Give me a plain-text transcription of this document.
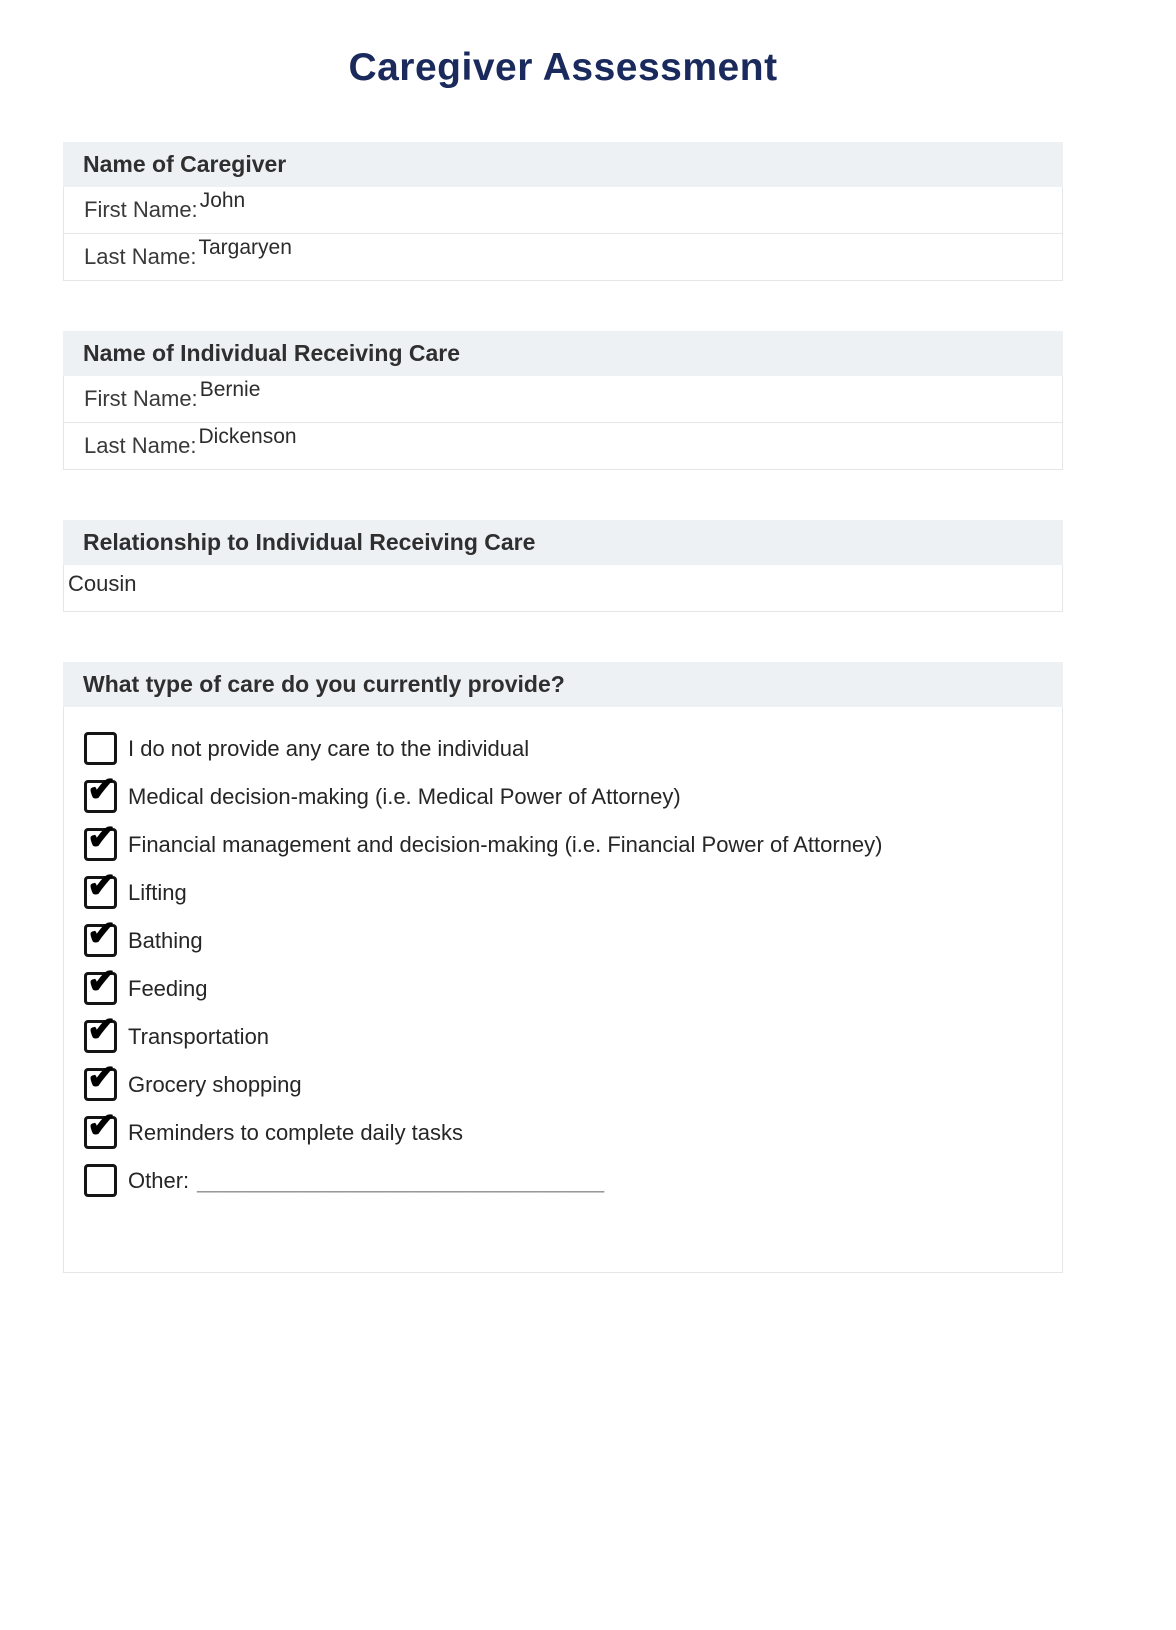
Caregiver Assessment
Name of Caregiver
First Name: John
Last Name: Targaryen
Name of Individual Receiving Care
First Name: Bernie
Last Name: Dickenson
Relationship to Individual Receiving Care
Cousin
What type of care do you currently provide?
I do not provide any care to the individual
✔ Medical decision-making (i.e. Medical Power of Attorney)
✔ Financial management and decision-making (i.e. Financial Power of Attorney)
✔ Lifting
✔ Bathing
✔ Feeding
✔ Transportation
✔ Grocery shopping
✔ Reminders to complete daily tasks
Other: ________________________________
